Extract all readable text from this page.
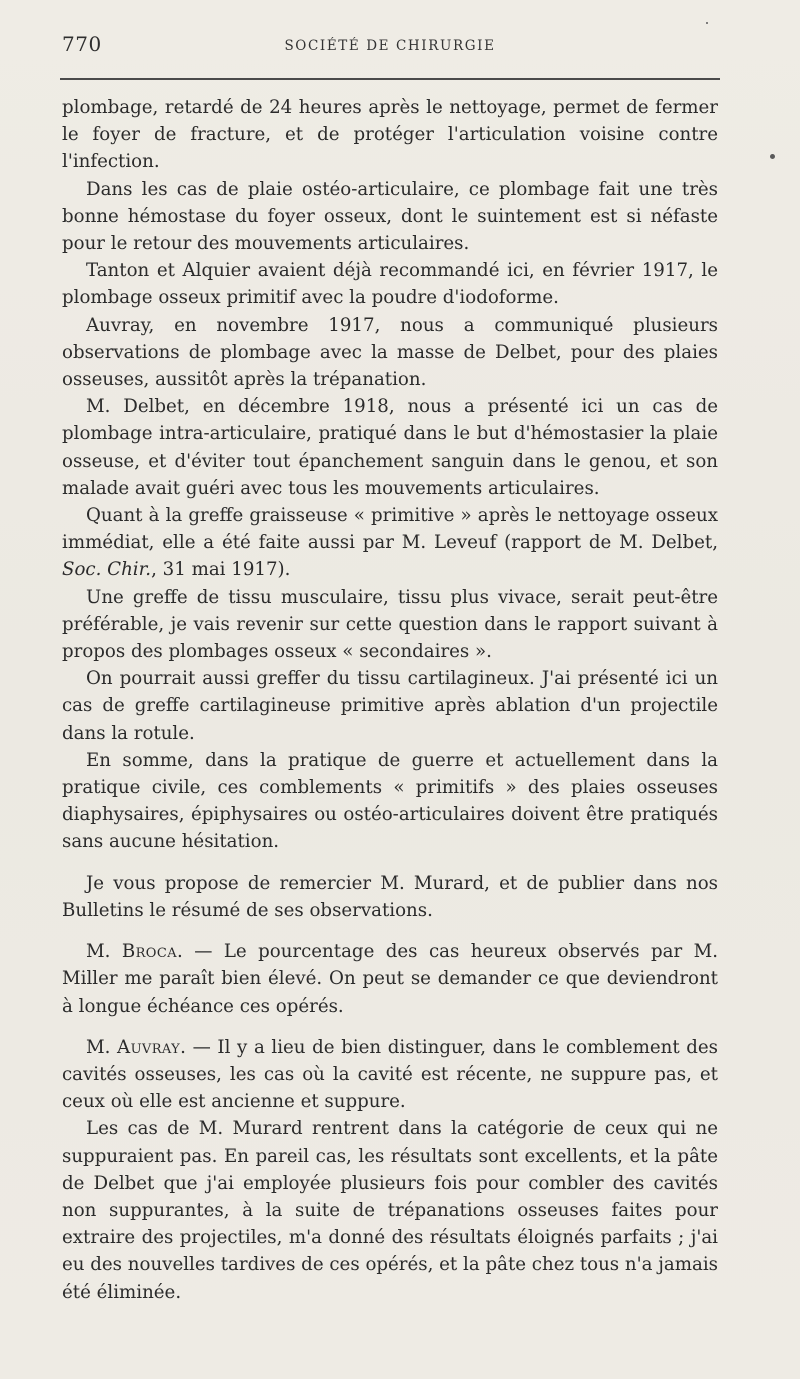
770	SOCIÉTÉ DE CHIRURGIE

plombage, retardé de 24 heures après le nettoyage, permet de fermer le foyer de fracture, et de protéger l'articulation voisine contre l'infection.

Dans les cas de plaie ostéo-articulaire, ce plombage fait une très bonne hémostase du foyer osseux, dont le suintement est si néfaste pour le retour des mouvements articulaires.

Tanton et Alquier avaient déjà recommandé ici, en février 1917, le plombage osseux primitif avec la poudre d'iodoforme.

Auvray, en novembre 1917, nous a communiqué plusieurs observations de plombage avec la masse de Delbet, pour des plaies osseuses, aussitôt après la trépanation.

M. Delbet, en décembre 1918, nous a présenté ici un cas de plombage intra-articulaire, pratiqué dans le but d'hémostasier la plaie osseuse, et d'éviter tout épanchement sanguin dans le genou, et son malade avait guéri avec tous les mouvements articulaires.

Quant à la greffe graisseuse « primitive » après le nettoyage osseux immédiat, elle a été faite aussi par M. Leveuf (rapport de M. Delbet, Soc. Chir., 31 mai 1917).

Une greffe de tissu musculaire, tissu plus vivace, serait peut-être préférable, je vais revenir sur cette question dans le rapport suivant à propos des plombages osseux « secondaires ».

On pourrait aussi greffer du tissu cartilagineux. J'ai présenté ici un cas de greffe cartilagineuse primitive après ablation d'un projectile dans la rotule.

En somme, dans la pratique de guerre et actuellement dans la pratique civile, ces comblements « primitifs » des plaies osseuses diaphysaires, épiphysaires ou ostéo-articulaires doivent être pratiqués sans aucune hésitation.

Je vous propose de remercier M. Murard, et de publier dans nos Bulletins le résumé de ses observations.

M. Broca. — Le pourcentage des cas heureux observés par M. Miller me paraît bien élevé. On peut se demander ce que deviendront à longue échéance ces opérés.

M. Auvray. — Il y a lieu de bien distinguer, dans le comblement des cavités osseuses, les cas où la cavité est récente, ne suppure pas, et ceux où elle est ancienne et suppure.

Les cas de M. Murard rentrent dans la catégorie de ceux qui ne suppuraient pas. En pareil cas, les résultats sont excellents, et la pâte de Delbet que j'ai employée plusieurs fois pour combler des cavités non suppurantes, à la suite de trépanations osseuses faites pour extraire des projectiles, m'a donné des résultats éloignés parfaits ; j'ai eu des nouvelles tardives de ces opérés, et la pâte chez tous n'a jamais été éliminée.
